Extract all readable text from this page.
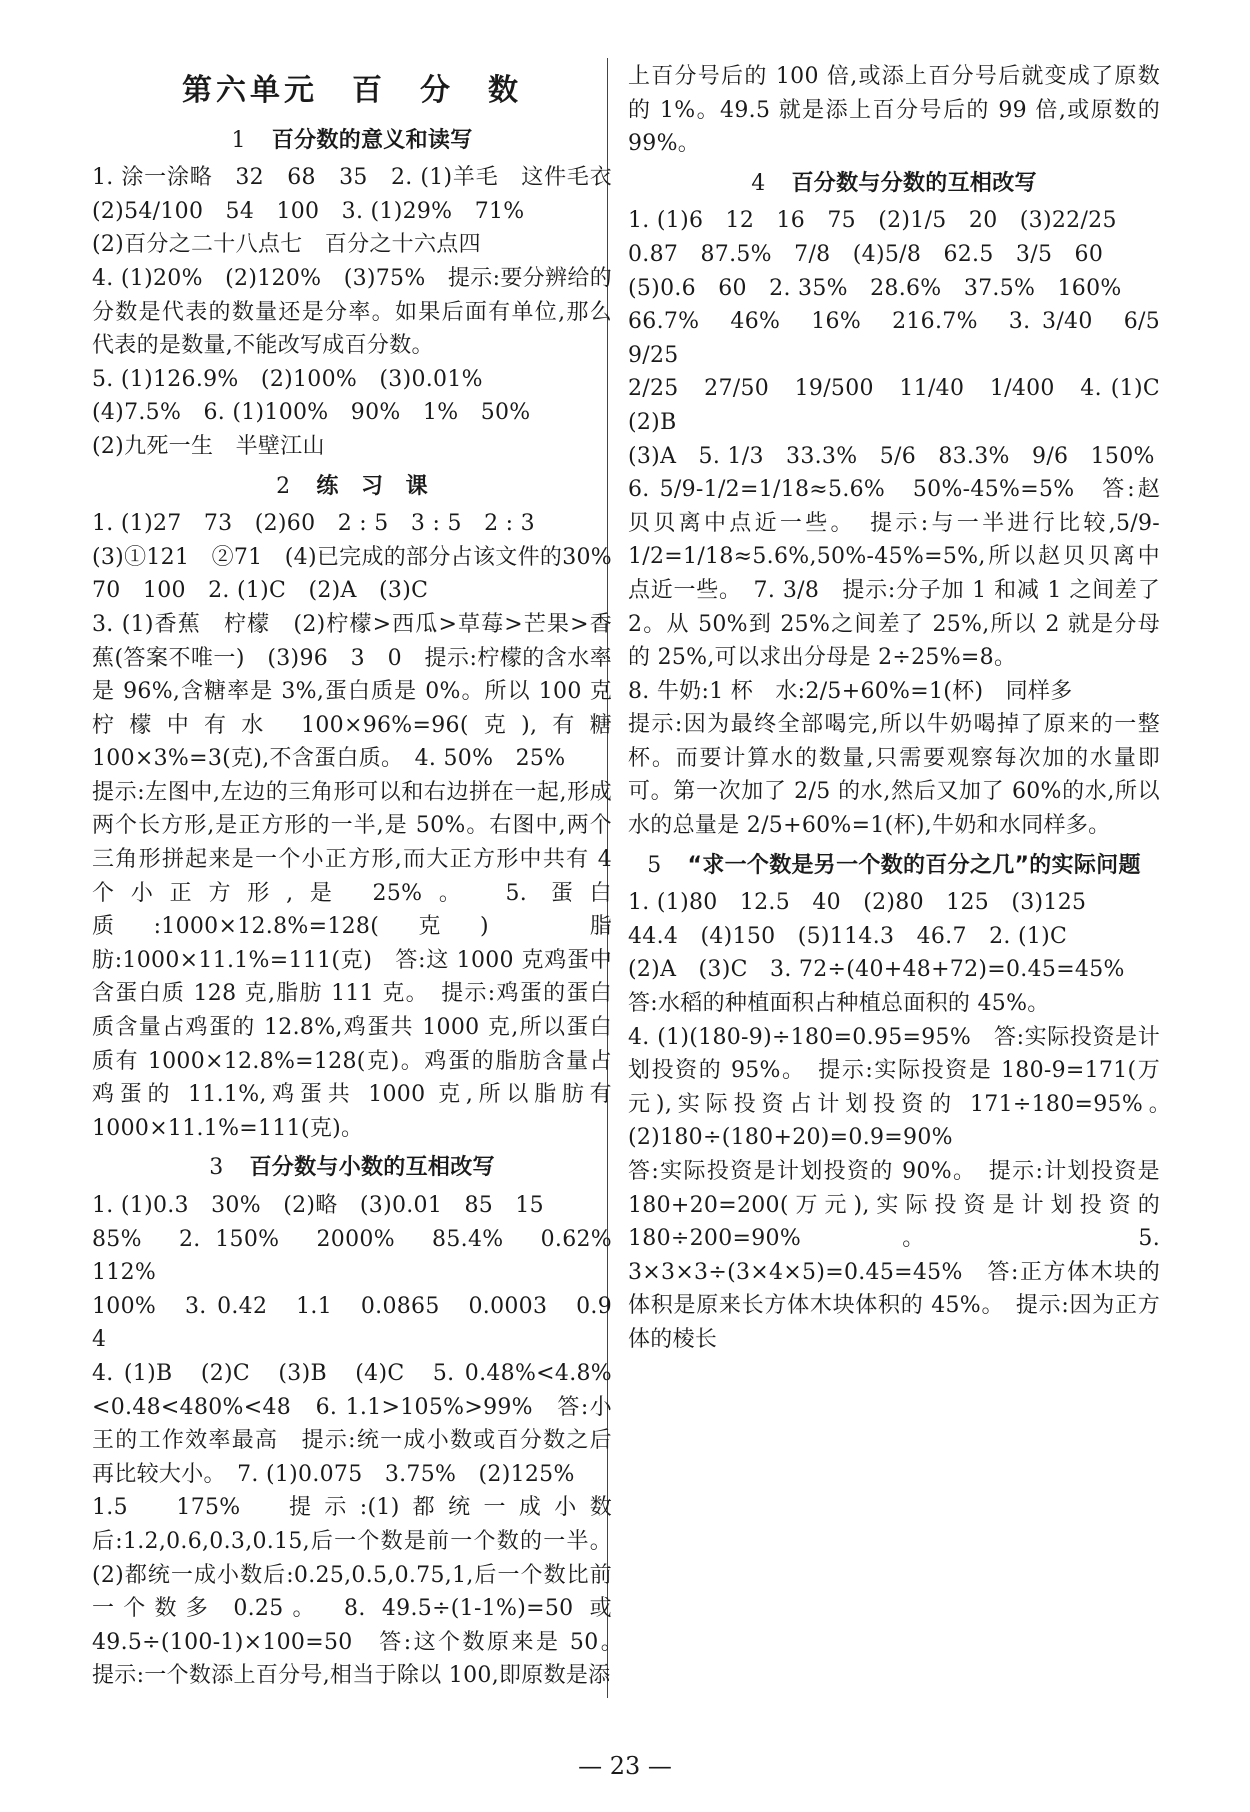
第六单元　百　分　数
1 百分数的意义和读写

1. 涂一涂略　32　68　35　2. (1)羊毛　这件毛衣　(2)54/100　54　100　3. (1)29%　71%

(2)百分之二十八点七　百分之十六点四

4. (1)20%　(2)120%　(3)75%　提示:要分辨给的分数是代表的数量还是分率。如果后面有单位,那么代表的是数量,不能改写成百分数。

5. (1)126.9%　(2)100%　(3)0.01%

(4)7.5%　6. (1)100%　90%　1%　50%

(2)九死一生　半壁江山

2 练　习　课

1. (1)27　73　(2)60　2 : 5　3 : 5　2 : 3

(3)①121　②71　(4)已完成的部分占该文件的30%　70　100　2. (1)C　(2)A　(3)C

3. (1)香蕉　柠檬　(2)柠檬>西瓜>草莓>芒果>香蕉(答案不唯一)　(3)96　3　0　提示:柠檬的含水率是 96%,含糖率是 3%,蛋白质是 0%。所以 100 克柠檬中有水 100×96%=96(克),有糖 100×3%=3(克),不含蛋白质。　4. 50%　25%

提示:左图中,左边的三角形可以和右边拼在一起,形成两个长方形,是正方形的一半,是 50%。右图中,两个三角形拼起来是一个小正方形,而大正方形中共有 4 个小正方形,是 25%。　5. 蛋白质:1000×12.8%=128(克)　脂肪:1000×11.1%=111(克)　答:这 1000 克鸡蛋中含蛋白质 128 克,脂肪 111 克。　提示:鸡蛋的蛋白质含量占鸡蛋的 12.8%,鸡蛋共 1000 克,所以蛋白质有 1000×12.8%=128(克)。鸡蛋的脂肪含量占鸡蛋的 11.1%,鸡蛋共 1000 克,所以脂肪有 1000×11.1%=111(克)。

3 百分数与小数的互相改写

1. (1)0.3　30%　(2)略　(3)0.01　85　15

85%　2. 150%　2000%　85.4%　0.62%　112%

100%　3. 0.42　1.1　0.0865　0.0003　0.9　4

4. (1)B　(2)C　(3)B　(4)C　5. 0.48%<4.8%<0.48<480%<48　6. 1.1>105%>99%　答:小王的工作效率最高　提示:统一成小数或百分数之后再比较大小。　7. (1)0.075　3.75%　(2)125%

1.5　175%　提示:(1)都统一成小数后:1.2,0.6,0.3,0.15,后一个数是前一个数的一半。(2)都统一成小数后:0.25,0.5,0.75,1,后一个数比前一个数多 0.25。　8. 49.5÷(1-1%)=50 或 49.5÷(100-1)×100=50　答:这个数原来是 50。　提示:一个数添上百分号,相当于除以 100,即原数是添

上百分号后的 100 倍,或添上百分号后就变成了原数的 1%。49.5 就是添上百分号后的 99 倍,或原数的 99%。

4 百分数与分数的互相改写

1. (1)6　12　16　75　(2)1/5　20　(3)22/25

0.87　87.5%　7/8　(4)5/8　62.5　3/5　60

(5)0.6　60　2. 35%　28.6%　37.5%　160%

66.7%　46%　16%　216.7%　3. 3/40　6/5　9/25

2/25　27/50　19/500　11/40　1/400　4. (1)C　(2)B

(3)A　5. 1/3　33.3%　5/6　83.3%　9/6　150%

6. 5/9-1/2=1/18≈5.6%　50%-45%=5%　答:赵贝贝离中点近一些。　提示:与一半进行比较,5/9-1/2=1/18≈5.6%,50%-45%=5%,所以赵贝贝离中点近一些。　7. 3/8　提示:分子加 1 和减 1 之间差了 2。从 50%到 25%之间差了 25%,所以 2 就是分母的 25%,可以求出分母是 2÷25%=8。

8. 牛奶:1 杯　水:2/5+60%=1(杯)　同样多

提示:因为最终全部喝完,所以牛奶喝掉了原来的一整杯。而要计算水的数量,只需要观察每次加的水量即可。第一次加了 2/5 的水,然后又加了 60%的水,所以水的总量是 2/5+60%=1(杯),牛奶和水同样多。

5 “求一个数是另一个数的百分之几”的实际问题

1. (1)80　12.5　40　(2)80　125　(3)125

44.4　(4)150　(5)114.3　46.7　2. (1)C

(2)A　(3)C　3. 72÷(40+48+72)=0.45=45%

答:水稻的种植面积占种植总面积的 45%。

4. (1)(180-9)÷180=0.95=95%　答:实际投资是计划投资的 95%。　提示:实际投资是 180-9=171(万元),实际投资占计划投资的 171÷180=95%。　(2)180÷(180+20)=0.9=90%

答:实际投资是计划投资的 90%。　提示:计划投资是 180+20=200(万元),实际投资是计划投资的 180÷200=90%。　5. 3×3×3÷(3×4×5)=0.45=45%　答:正方体木块的体积是原来长方体木块体积的 45%。　提示:因为正方体的棱长

— 23 —
